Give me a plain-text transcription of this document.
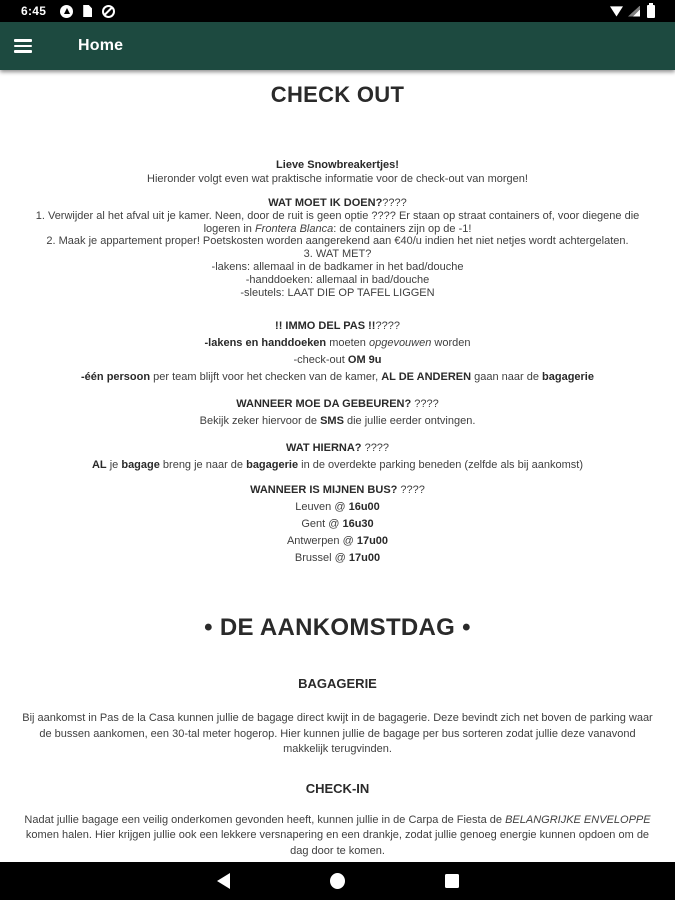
6:45
Home
CHECK OUT
Lieve Snowbreakertjes!
Hieronder volgt even wat praktische informatie voor de check-out van morgen!
WAT MOET IK DOEN?????
1. Verwijder al het afval uit je kamer. Neen, door de ruit is geen optie ???? Er staan op straat containers of, voor diegene die logeren in Frontera Blanca: de containers zijn op de -1!
2. Maak je appartement proper! Poetskosten worden aangerekend aan €40/u indien het niet netjes wordt achtergelaten.
3. WAT MET?
-lakens: allemaal in de badkamer in het bad/douche
-handdoeken: allemaal in bad/douche
-sleutels: LAAT DIE OP TAFEL LIGGEN
!! IMMO DEL PAS !!????
-lakens en handdoeken moeten opgevouwen worden
-check-out OM 9u
-één persoon per team blijft voor het checken van de kamer, AL DE ANDEREN gaan naar de bagagerie
WANNEER MOE DA GEBEUREN? ????
Bekijk zeker hiervoor de SMS die jullie eerder ontvingen.
WAT HIERNA? ????
AL je bagage breng je naar de bagagerie in de overdekte parking beneden (zelfde als bij aankomst)
WANNEER IS MIJNEN BUS? ????
Leuven @ 16u00
Gent @ 16u30
Antwerpen @ 17u00
Brussel @ 17u00
• DE AANKOMSTDAG •
BAGAGERIE
Bij aankomst in Pas de la Casa kunnen jullie de bagage direct kwijt in de bagagerie. Deze bevindt zich net boven de parking waar de bussen aankomen, een 30-tal meter hogerop. Hier kunnen jullie de bagage per bus sorteren zodat jullie deze vanavond makkelijk terugvinden.
CHECK-IN
Nadat jullie bagage een veilig onderkomen gevonden heeft, kunnen jullie in de Carpa de Fiesta de BELANGRIJKE ENVELOPPE komen halen. Hier krijgen jullie ook een lekkere versnapering en een drankje, zodat jullie genoeg energie kunnen opdoen om de dag door te komen.
